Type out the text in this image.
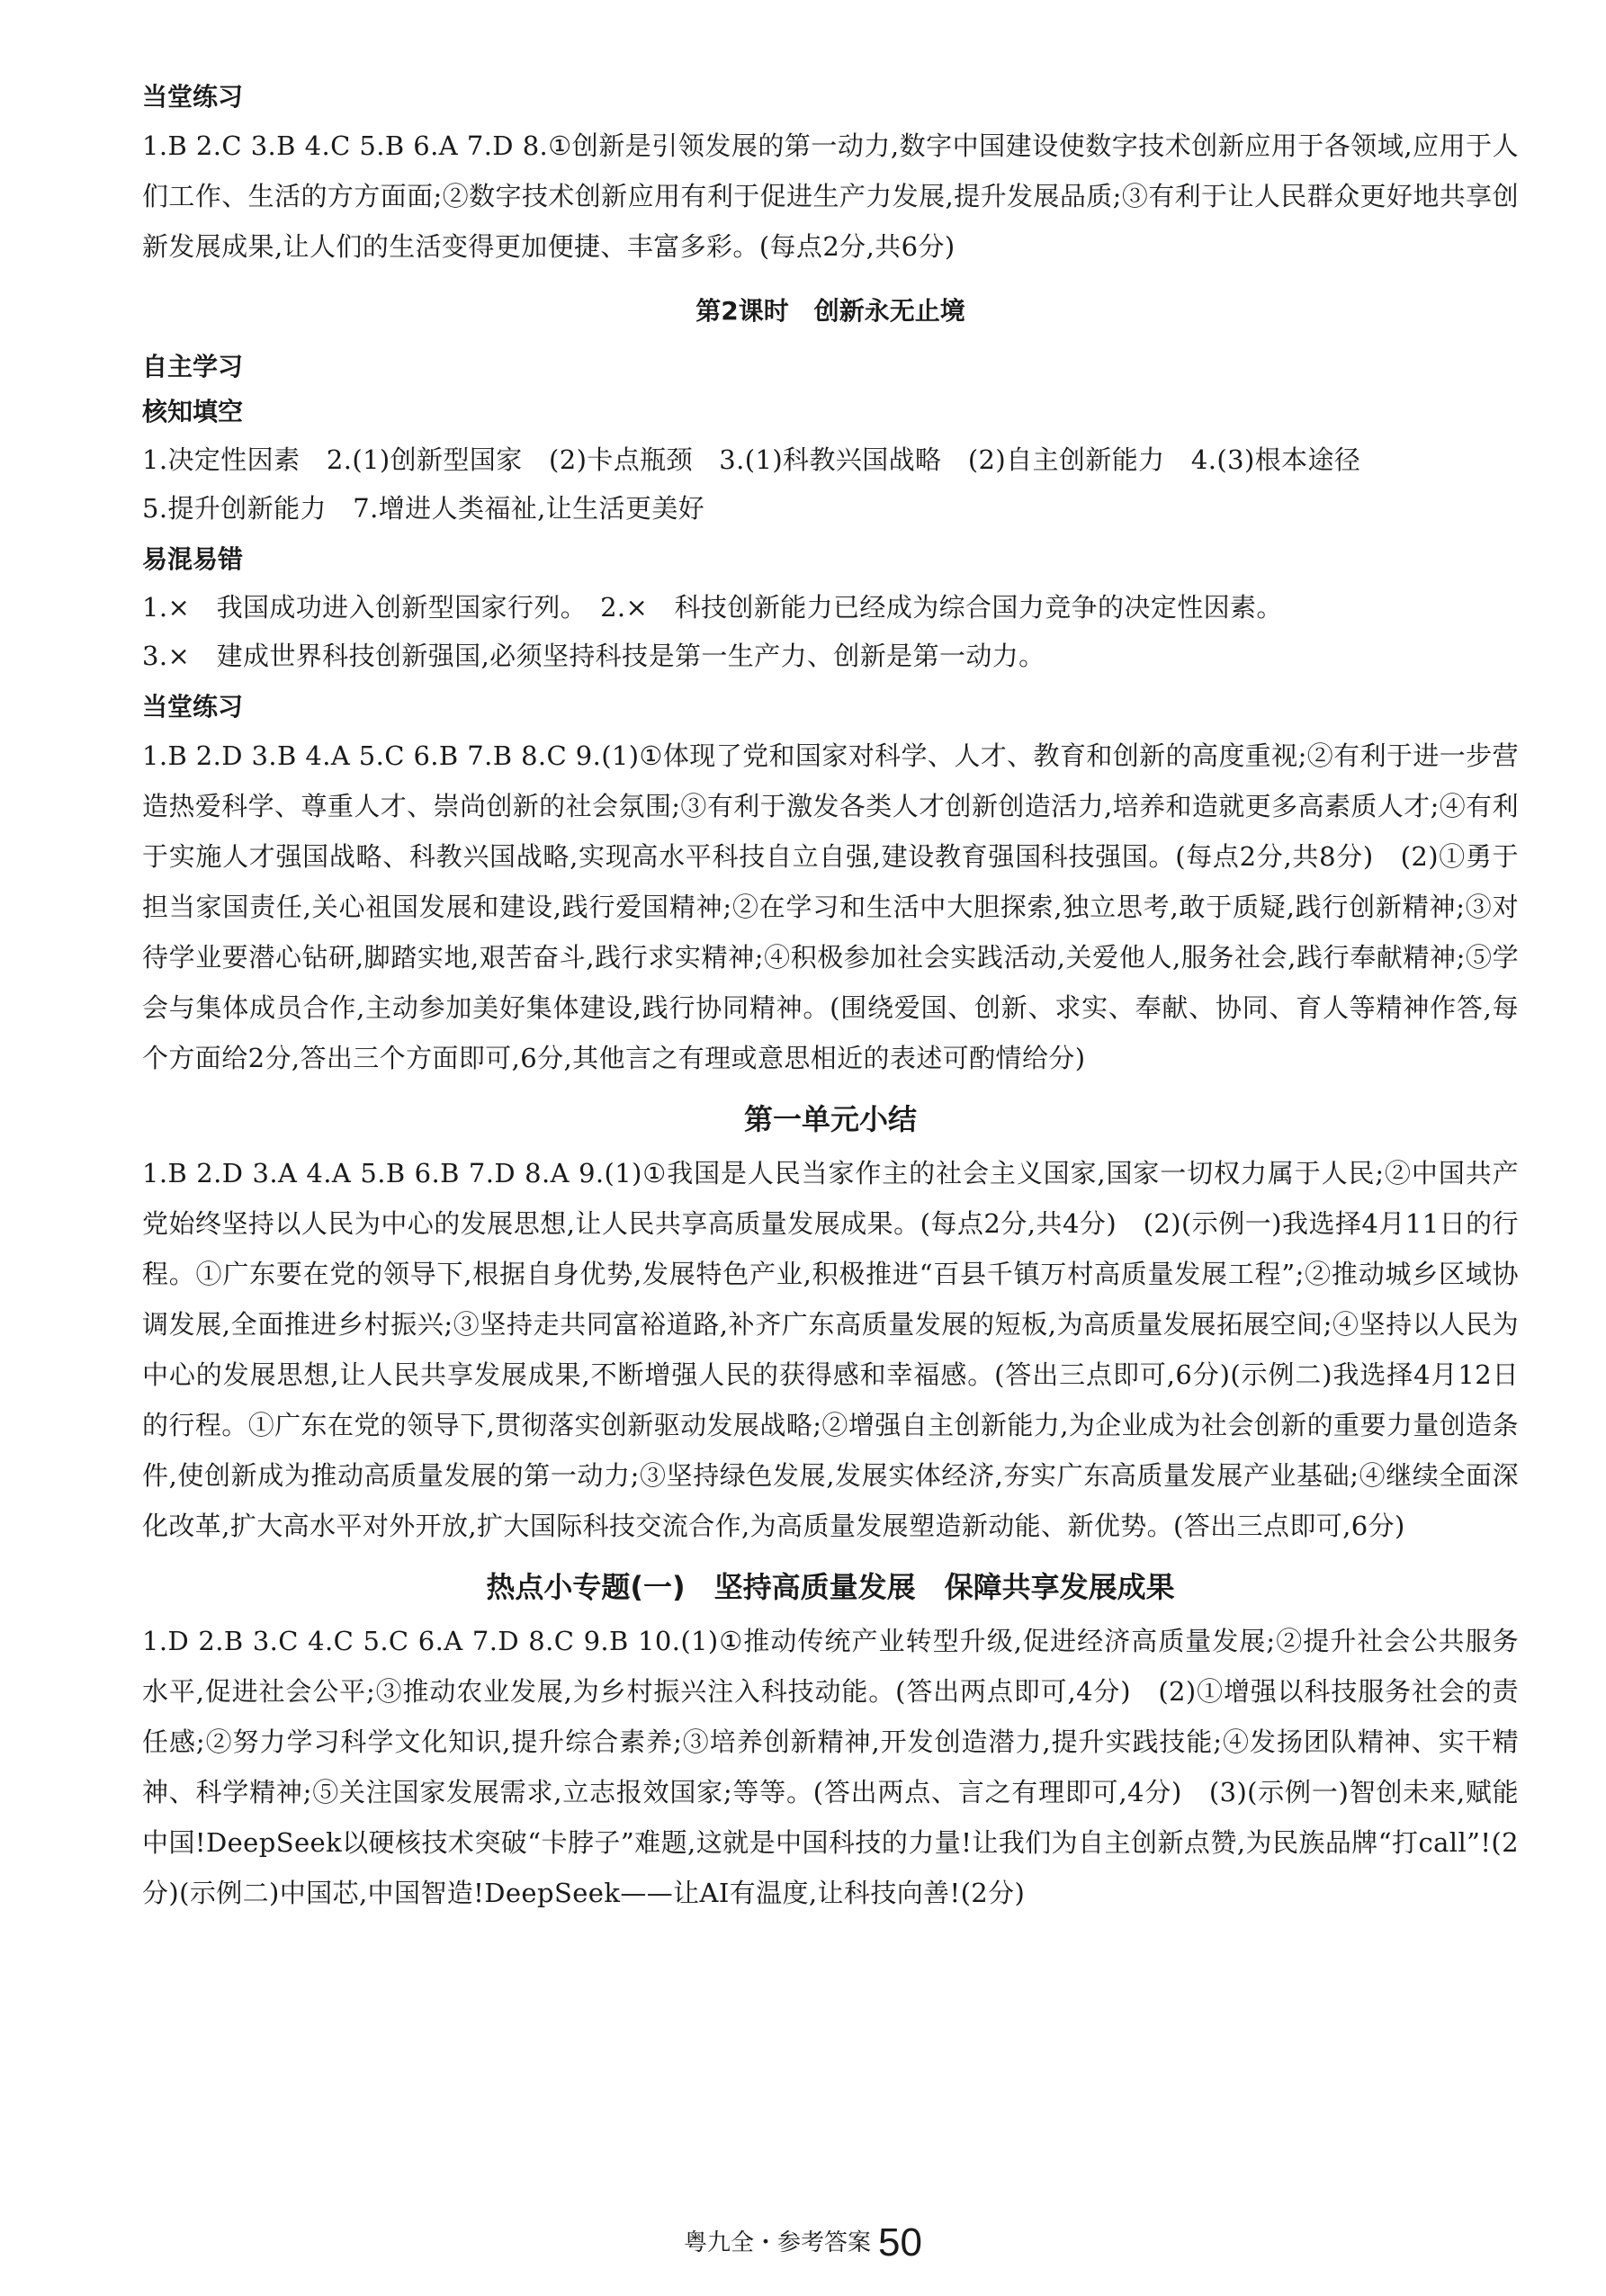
当堂练习

1.B 2.C 3.B 4.C 5.B 6.A 7.D 8.①创新是引领发展的第一动力,数字中国建设使数字技术创新应用于各领域,应用于人们工作、生活的方方面面;②数字技术创新应用有利于促进生产力发展,提升发展品质;③有利于让人民群众更好地共享创新发展成果,让人们的生活变得更加便捷、丰富多彩。(每点2分,共6分)

第2课时　创新永无止境
自主学习
核知填空

1.决定性因素　2.(1)创新型国家　(2)卡点瓶颈　3.(1)科教兴国战略　(2)自主创新能力　4.(3)根本途径

5.提升创新能力　7.增进人类福祉,让生活更美好

易混易错

1.×　我国成功进入创新型国家行列。　2.×　科技创新能力已经成为综合国力竞争的决定性因素。

3.×　建成世界科技创新强国,必须坚持科技是第一生产力、创新是第一动力。

当堂练习

1.B 2.D 3.B 4.A 5.C 6.B 7.B 8.C 9.(1)①体现了党和国家对科学、人才、教育和创新的高度重视;②有利于进一步营造热爱科学、尊重人才、崇尚创新的社会氛围;③有利于激发各类人才创新创造活力,培养和造就更多高素质人才;④有利于实施人才强国战略、科教兴国战略,实现高水平科技自立自强,建设教育强国科技强国。(每点2分,共8分)　(2)①勇于担当家国责任,关心祖国发展和建设,践行爱国精神;②在学习和生活中大胆探索,独立思考,敢于质疑,践行创新精神;③对待学业要潜心钻研,脚踏实地,艰苦奋斗,践行求实精神;④积极参加社会实践活动,关爱他人,服务社会,践行奉献精神;⑤学会与集体成员合作,主动参加美好集体建设,践行协同精神。(围绕爱国、创新、求实、奉献、协同、育人等精神作答,每个方面给2分,答出三个方面即可,6分,其他言之有理或意思相近的表述可酌情给分)

第一单元小结

1.B 2.D 3.A 4.A 5.B 6.B 7.D 8.A 9.(1)①我国是人民当家作主的社会主义国家,国家一切权力属于人民;②中国共产党始终坚持以人民为中心的发展思想,让人民共享高质量发展成果。(每点2分,共4分)　(2)(示例一)我选择4月11日的行程。①广东要在党的领导下,根据自身优势,发展特色产业,积极推进“百县千镇万村高质量发展工程”;②推动城乡区域协调发展,全面推进乡村振兴;③坚持走共同富裕道路,补齐广东高质量发展的短板,为高质量发展拓展空间;④坚持以人民为中心的发展思想,让人民共享发展成果,不断增强人民的获得感和幸福感。(答出三点即可,6分)(示例二)我选择4月12日的行程。①广东在党的领导下,贯彻落实创新驱动发展战略;②增强自主创新能力,为企业成为社会创新的重要力量创造条件,使创新成为推动高质量发展的第一动力;③坚持绿色发展,发展实体经济,夯实广东高质量发展产业基础;④继续全面深化改革,扩大高水平对外开放,扩大国际科技交流合作,为高质量发展塑造新动能、新优势。(答出三点即可,6分)

热点小专题(一)　坚持高质量发展　保障共享发展成果

1.D 2.B 3.C 4.C 5.C 6.A 7.D 8.C 9.B 10.(1)①推动传统产业转型升级,促进经济高质量发展;②提升社会公共服务水平,促进社会公平;③推动农业发展,为乡村振兴注入科技动能。(答出两点即可,4分)　(2)①增强以科技服务社会的责任感;②努力学习科学文化知识,提升综合素养;③培养创新精神,开发创造潜力,提升实践技能;④发扬团队精神、实干精神、科学精神;⑤关注国家发展需求,立志报效国家;等等。(答出两点、言之有理即可,4分)　(3)(示例一)智创未来,赋能中国!DeepSeek以硬核技术突破“卡脖子”难题,这就是中国科技的力量!让我们为自主创新点赞,为民族品牌“打call”!(2分)(示例二)中国芯,中国智造!DeepSeek——让AI有温度,让科技向善!(2分)

粤九全・参考答案 50
